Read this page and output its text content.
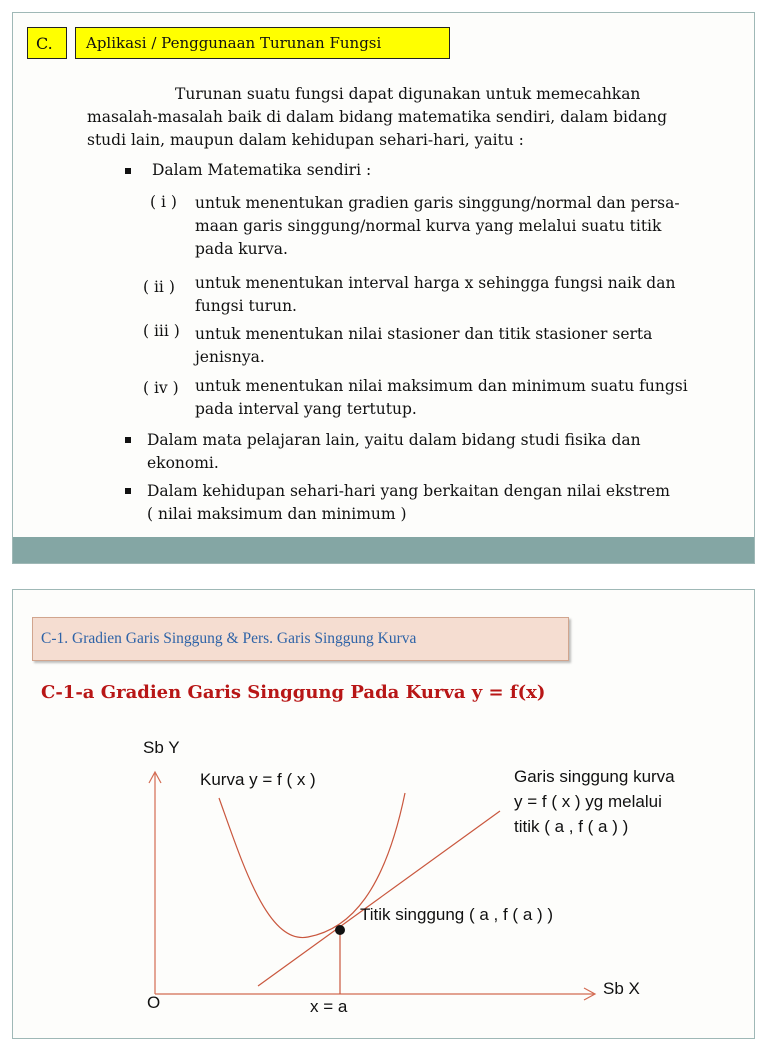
C.	Aplikasi / Penggunaan Turunan Fungsi
Turunan suatu fungsi dapat digunakan untuk memecahkan
masalah-masalah baik di dalam bidang matematika sendiri, dalam bidang
studi lain, maupun dalam kehidupan sehari-hari, yaitu :
Dalam Matematika sendiri :
( i ) untuk menentukan gradien garis singgung/normal dan persa-
maan garis singgung/normal kurva yang melalui suatu titik
pada kurva.
( ii ) untuk menentukan interval harga x sehingga fungsi naik dan
fungsi turun.
( iii ) untuk menentukan nilai stasioner dan titik stasioner serta
jenisnya.
( iv ) untuk menentukan nilai maksimum dan minimum suatu fungsi
pada interval yang tertutup.
Dalam mata pelajaran lain, yaitu dalam bidang studi fisika dan
ekonomi.
Dalam kehidupan sehari-hari yang berkaitan dengan nilai ekstrem
( nilai maksimum dan minimum )
C-1. Gradien Garis Singgung & Pers. Garis Singgung Kurva
C-1-a Gradien Garis Singgung Pada Kurva y = f(x)
Sb Y
Sb X
O
Kurva y = f ( x )	Garis singgung kurva
y = f ( x ) yg melalui
titik ( a , f ( a ) )
Titik singgung ( a , f ( a ) )
x = a
